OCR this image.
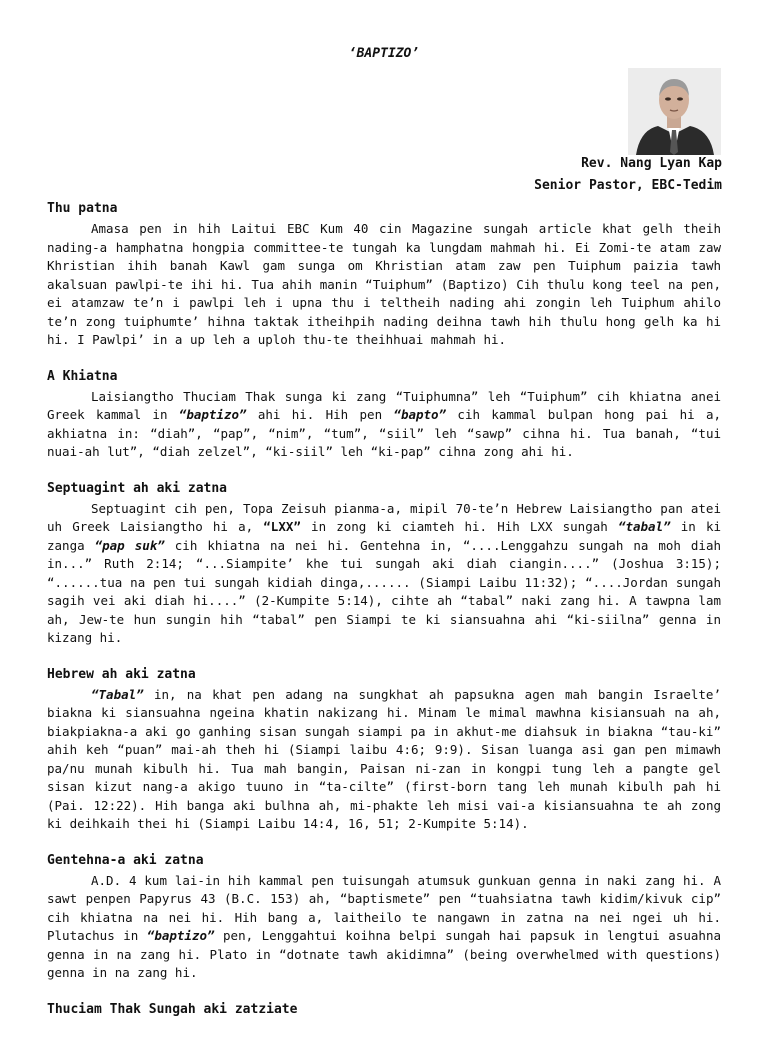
‘BAPTIZO’
Rev. Nang Lyan Kap
Senior Pastor, EBC-Tedim
Thu patna

Amasa pen in hih Laitui EBC Kum 40 cin Magazine sungah article khat gelh theih nading-a hamphatna hongpia committee-te tungah ka lungdam mahmah hi. Ei Zomi-te atam zaw Khristian ihih banah Kawl gam sunga om Khristian atam zaw pen Tuiphum paizia tawh akalsuan pawlpi-te ihi hi. Tua ahih manin “Tuiphum” (Baptizo) Cih thulu kong teel na pen, ei atamzaw te’n i pawlpi leh i upna thu i teltheih nading ahi zongin leh Tuiphum ahilo te’n zong tuiphumte’ hihna taktak itheihpih nading deihna tawh hih thulu hong gelh ka hi hi. I Pawlpi’ in a up leh a uploh thu-te theihhuai mahmah hi.

A Khiatna

Laisiangtho Thuciam Thak sunga ki zang “Tuiphumna” leh “Tuiphum” cih khiatna anei Greek kammal in “baptizo” ahi hi. Hih pen “bapto” cih kammal bulpan hong pai hi a, akhiatna in: “diah”, “pap”, “nim”, “tum”, “siil” leh “sawp” cihna hi. Tua banah, “tui nuai-ah lut”, “diah zelzel”, “ki-siil” leh “ki-pap” cihna zong ahi hi.

Septuagint ah aki zatna

Septuagint cih pen, Topa Zeisuh pianma-a, mipil 70-te’n Hebrew Laisiangtho pan atei uh Greek Laisiangtho hi a, “LXX” in zong ki ciamteh hi. Hih LXX sungah “tabal” in ki zanga “pap suk” cih khiatna na nei hi. Gentehna in, “....Lenggahzu sungah na moh diah in...” Ruth 2:14; “...Siampite’ khe tui sungah aki diah ciangin....” (Joshua 3:15); “......tua na pen tui sungah kidiah dinga,...... (Siampi Laibu 11:32); “....Jordan sungah sagih vei aki diah hi....” (2-Kumpite 5:14), cihte ah “tabal” naki zang hi. A tawpna lam ah, Jew-te hun sungin hih “tabal” pen Siampi te ki siansuahna ahi “ki-siilna” genna in kizang hi.

Hebrew ah aki zatna

“Tabal” in, na khat pen adang na sungkhat ah papsukna agen mah bangin Israelte’ biakna ki siansuahna ngeina khatin nakizang hi. Minam le mimal mawhna kisiansuah na ah, biakpiakna-a aki go ganhing sisan sungah siampi pa in akhut-me diahsuk in biakna “tau-ki” ahih keh “puan” mai-ah theh hi (Siampi laibu 4:6; 9:9). Sisan luanga asi gan pen mimawh pa/nu munah kibulh hi. Tua mah bangin, Paisan ni-zan in kongpi tung leh a pangte gel sisan kizut nang-a akigo tuuno in “ta-cilte” (first-born tang leh munah kibulh pah hi (Pai. 12:22). Hih banga aki bulhna ah, mi-phakte leh misi vai-a kisiansuahna te ah zong ki deihkaih thei hi (Siampi Laibu 14:4, 16, 51; 2-Kumpite 5:14).

Gentehna-a aki zatna

A.D. 4 kum lai-in hih kammal pen tuisungah atumsuk gunkuan genna in naki zang hi. A sawt penpen Papyrus 43 (B.C. 153) ah, “baptismete” pen “tuahsiatna tawh kidim/kivuk cip” cih khiatna na nei hi. Hih bang a, laitheilo te nangawn in zatna na nei ngei uh hi. Plutachus in “baptizo” pen, Lenggahtui koihna belpi sungah hai papsuk in lengtui asuahna genna in na zang hi. Plato in “dotnate tawh akidimna” (being overwhelmed with questions) genna in na zang hi.

Thuciam Thak Sungah aki zatziate
